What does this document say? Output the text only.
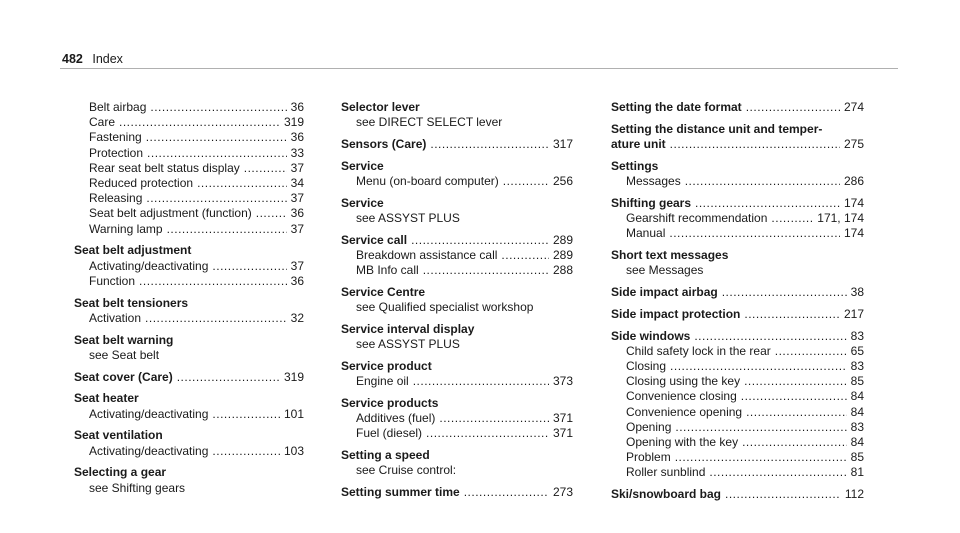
482 Index
Belt airbag .....	36
Care .....	319
Fastening .....	36
Protection .....	33
Rear seat belt status display .....	37
Reduced protection .....	34
Releasing .....	37
Seat belt adjustment (function) .....	36
Warning lamp .....	37
Seat belt adjustment
Activating/deactivating .....	37
Function .....	36
Seat belt tensioners
Activation .....	32
Seat belt warning
see Seat belt
Seat cover (Care) .....	319
Seat heater
Activating/deactivating .....	101
Seat ventilation
Activating/deactivating .....	103
Selecting a gear
see Shifting gears
Selector lever
see DIRECT SELECT lever
Sensors (Care) .....	317
Service
Menu (on-board computer) .....	256
Service
see ASSYST PLUS
Service call .....	289
Breakdown assistance call .....	289
MB Info call .....	288
Service Centre
see Qualified specialist workshop
Service interval display
see ASSYST PLUS
Service product
Engine oil .....	373
Service products
Additives (fuel) .....	371
Fuel (diesel) .....	371
Setting a speed
see Cruise control:
Setting summer time .....	273
Setting the date format .....	274
Setting the distance unit and temper-
ature unit .....	275
Settings
Messages .....	286
Shifting gears .....	174
Gearshift recommendation .....	171, 174
Manual .....	174
Short text messages
see Messages
Side impact airbag .....	38
Side impact protection .....	217
Side windows .....	83
Child safety lock in the rear .....	65
Closing .....	83
Closing using the key .....	85
Convenience closing .....	84
Convenience opening .....	84
Opening .....	83
Opening with the key .....	84
Problem .....	85
Roller sunblind .....	81
Ski/snowboard bag .....	112
